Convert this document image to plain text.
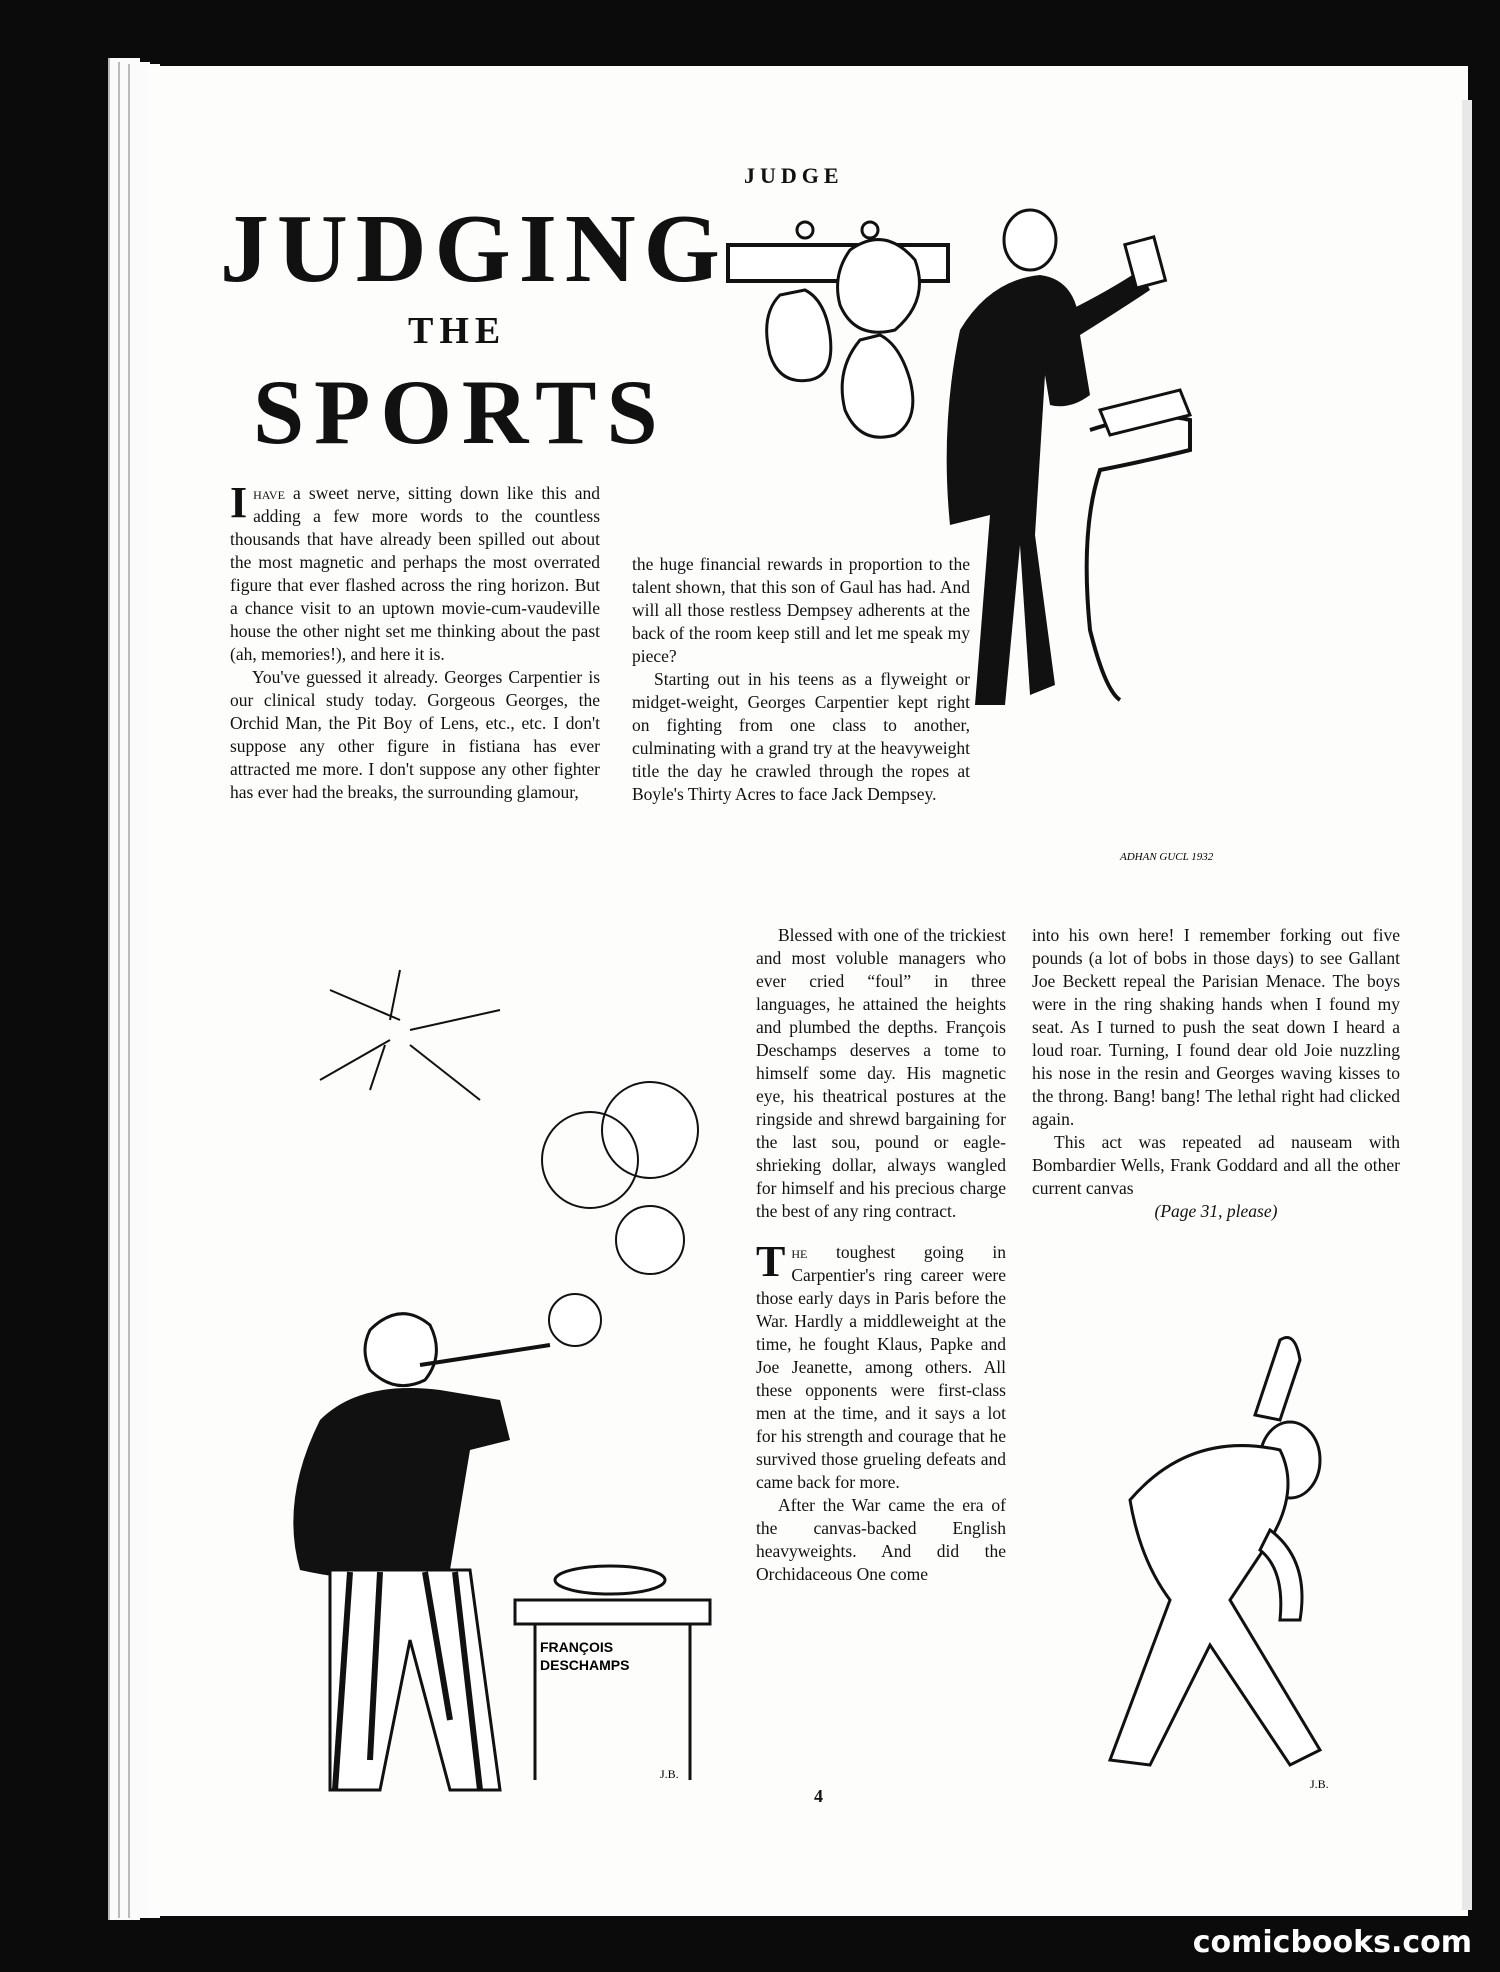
JUDGE
JUDGING
THE
SPORTS

Ihave a sweet nerve, sitting down like this and adding a few more words to the countless thousands that have already been spilled out about the most magnetic and perhaps the most overrated figure that ever flashed across the ring horizon. But a chance visit to an uptown movie-cum-vaudeville house the other night set me thinking about the past (ah, memories!), and here it is.

You've guessed it already. Georges Carpentier is our clinical study today. Gorgeous Georges, the Orchid Man, the Pit Boy of Lens, etc., etc. I don't suppose any other figure in fistiana has ever attracted me more. I don't suppose any other fighter has ever had the breaks, the surrounding glamour,

the huge financial rewards in proportion to the talent shown, that this son of Gaul has had. And will all those restless Dempsey adherents at the back of the room keep still and let me speak my piece?

Starting out in his teens as a flyweight or midget-weight, Georges Carpentier kept right on fighting from one class to another, culminating with a grand try at the heavyweight title the day he crawled through the ropes at Boyle's Thirty Acres to face Jack Dempsey.

Blessed with one of the trickiest and most voluble managers who ever cried “foul” in three languages, he attained the heights and plumbed the depths. François Deschamps deserves a tome to himself some day. His magnetic eye, his theatrical postures at the ringside and shrewd bargaining for the last sou, pound or eagle-shrieking dollar, always wangled for himself and his precious charge the best of any ring contract.

The toughest going in Carpentier's ring career were those early days in Paris before the War. Hardly a middleweight at the time, he fought Klaus, Papke and Joe Jeanette, among others. All these opponents were first-class men at the time, and it says a lot for his strength and courage that he survived those grueling defeats and came back for more.

After the War came the era of the canvas-backed English heavyweights. And did the Orchidaceous One come

into his own here! I remember forking out five pounds (a lot of bobs in those days) to see Gallant Joe Beckett repeal the Parisian Menace. The boys were in the ring shaking hands when I found my seat. As I turned to push the seat down I heard a loud roar. Turning, I found dear old Joie nuzzling his nose in the resin and Georges waving kisses to the throng. Bang! bang! The lethal right had clicked again.

This act was repeated ad nauseam with Bombardier Wells, Frank Goddard and all the other current canvas

(Page 31, please)

4
ADHAN GUCL 1932
FRANÇOIS
DESCHAMPS
J.B.
J.B.
comicbooks.com
